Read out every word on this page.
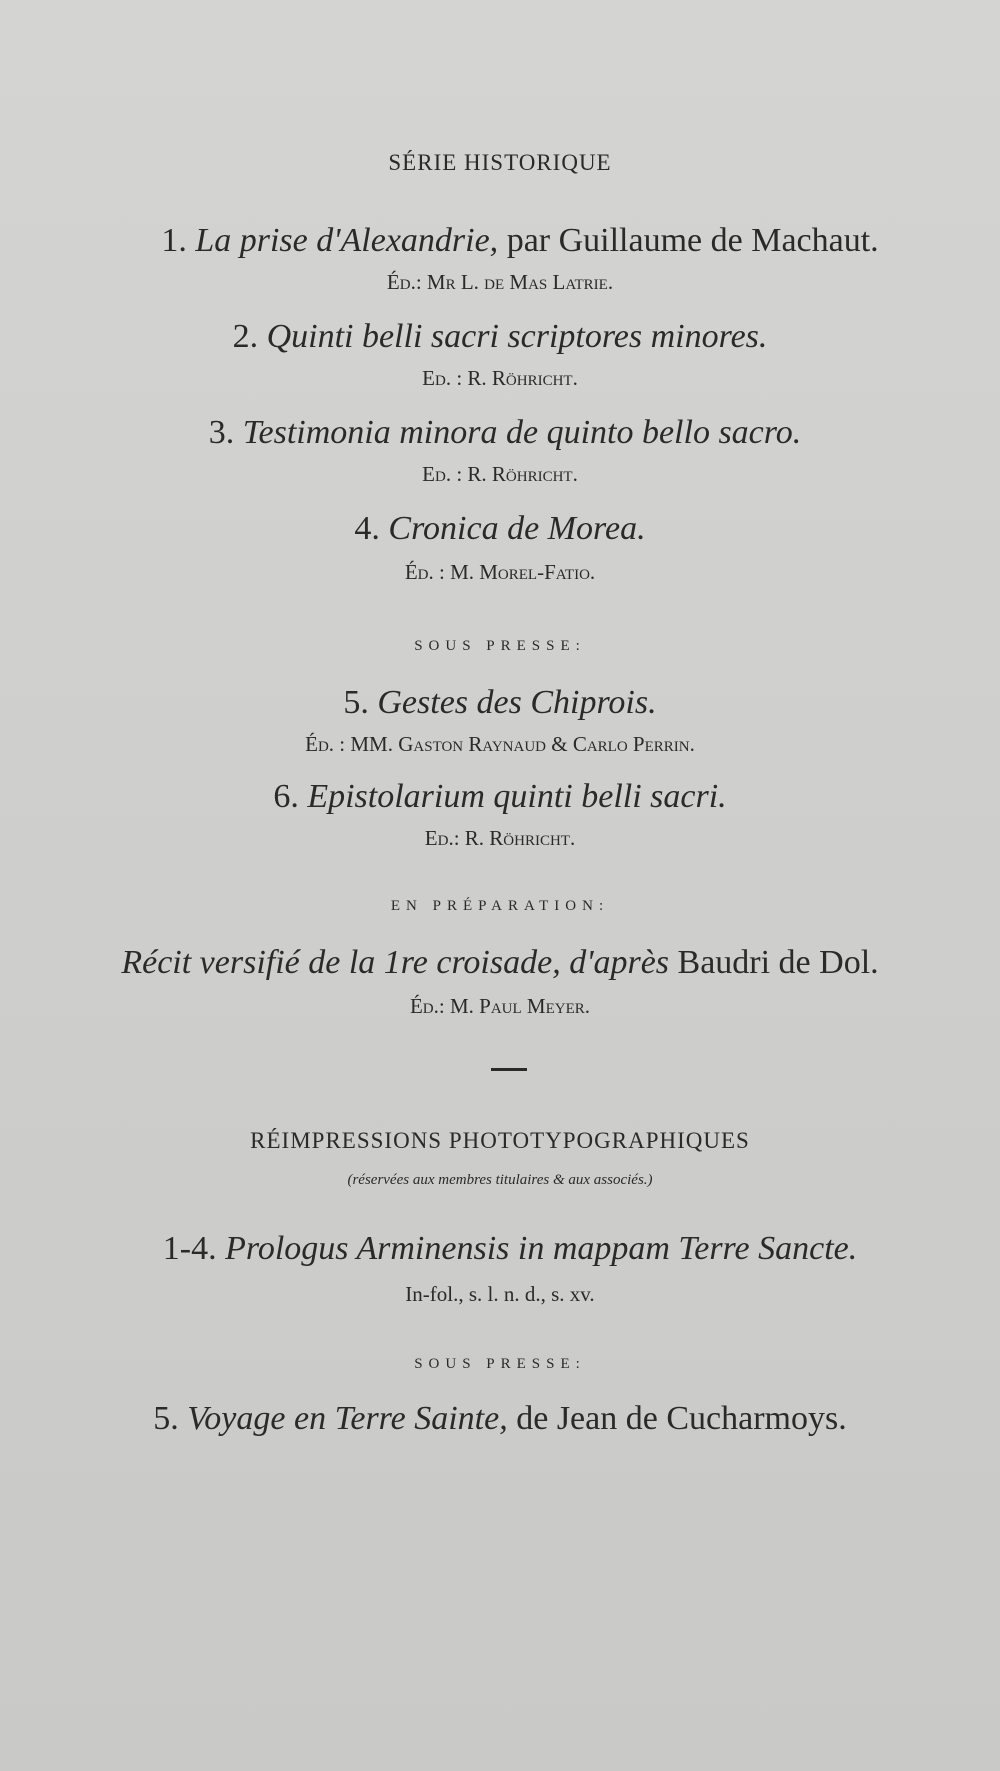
SÉRIE HISTORIQUE
1. La prise d'Alexandrie, par Guillaume de Machaut.
Éd.: Mr L. de Mas Latrie.
2. Quinti belli sacri scriptores minores.
Ed. : R. Röhricht.
3. Testimonia minora de quinto bello sacro.
Ed. : R. Röhricht.
4. Cronica de Morea.
Éd. : M. Morel-Fatio.
SOUS PRESSE:
5. Gestes des Chiprois.
Éd. : MM. Gaston Raynaud & Carlo Perrin.
6. Epistolarium quinti belli sacri.
Ed.: R. Röhricht.
EN PRÉPARATION:
Récit versifié de la 1re croisade, d'après Baudri de Dol.
Éd.: M. Paul Meyer.
RÉIMPRESSIONS PHOTOTYPOGRAPHIQUES
(réservées aux membres titulaires & aux associés.)
1-4. Prologus Arminensis in mappam Terre Sancte.
In-fol., s. l. n. d., s. xv.
SOUS PRESSE:
5. Voyage en Terre Sainte, de Jean de Cucharmoys.
